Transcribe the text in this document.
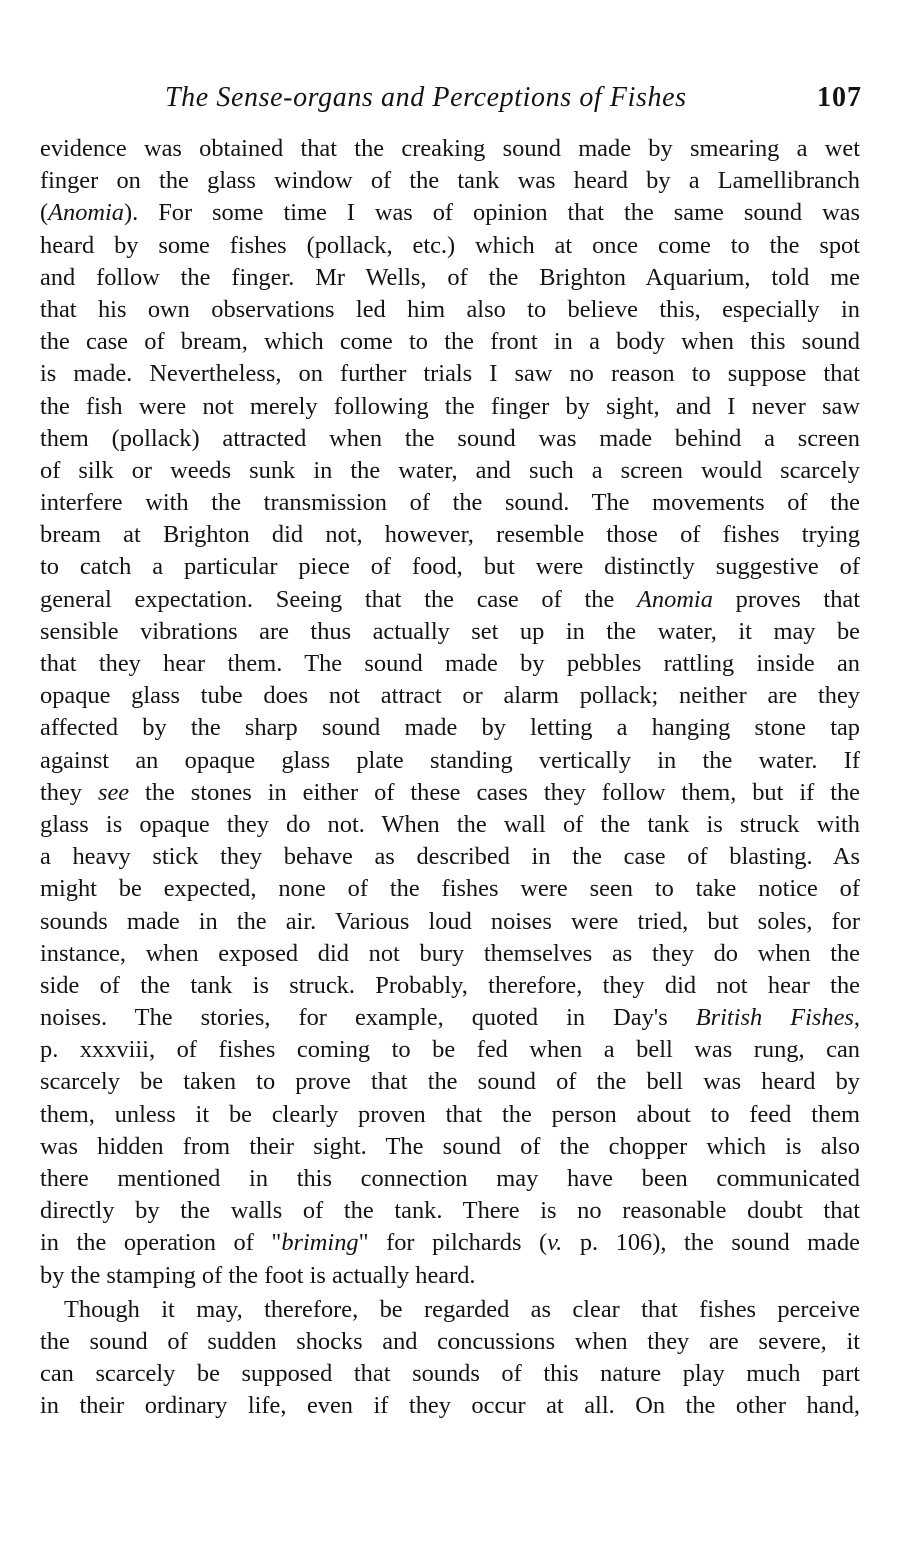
The Sense-organs and Perceptions of Fishes	107
evidence was obtained that the creaking sound made by smearing a wet
finger on the glass window of the tank was heard by a Lamellibranch
(Anomia). For some time I was of opinion that the same sound was
heard by some fishes (pollack, etc.) which at once come to the spot
and follow the finger. Mr Wells, of the Brighton Aquarium, told me
that his own observations led him also to believe this, especially in
the case of bream, which come to the front in a body when this sound
is made. Nevertheless, on further trials I saw no reason to suppose that
the fish were not merely following the finger by sight, and I never saw
them (pollack) attracted when the sound was made behind a screen
of silk or weeds sunk in the water, and such a screen would scarcely
interfere with the transmission of the sound. The movements of the
bream at Brighton did not, however, resemble those of fishes trying
to catch a particular piece of food, but were distinctly suggestive of
general expectation. Seeing that the case of the Anomia proves that
sensible vibrations are thus actually set up in the water, it may be
that they hear them. The sound made by pebbles rattling inside an
opaque glass tube does not attract or alarm pollack; neither are they
affected by the sharp sound made by letting a hanging stone tap
against an opaque glass plate standing vertically in the water. If
they see the stones in either of these cases they follow them, but if the
glass is opaque they do not. When the wall of the tank is struck with
a heavy stick they behave as described in the case of blasting. As
might be expected, none of the fishes were seen to take notice of
sounds made in the air. Various loud noises were tried, but soles, for
instance, when exposed did not bury themselves as they do when the
side of the tank is struck. Probably, therefore, they did not hear the
noises. The stories, for example, quoted in Day's British Fishes,
p. xxxviii, of fishes coming to be fed when a bell was rung, can
scarcely be taken to prove that the sound of the bell was heard by
them, unless it be clearly proven that the person about to feed them
was hidden from their sight. The sound of the chopper which is also
there mentioned in this connection may have been communicated
directly by the walls of the tank. There is no reasonable doubt that
in the operation of "briming" for pilchards (v. p. 106), the sound made
by the stamping of the foot is actually heard.
Though it may, therefore, be regarded as clear that fishes perceive
the sound of sudden shocks and concussions when they are severe, it
can scarcely be supposed that sounds of this nature play much part
in their ordinary life, even if they occur at all. On the other hand,
